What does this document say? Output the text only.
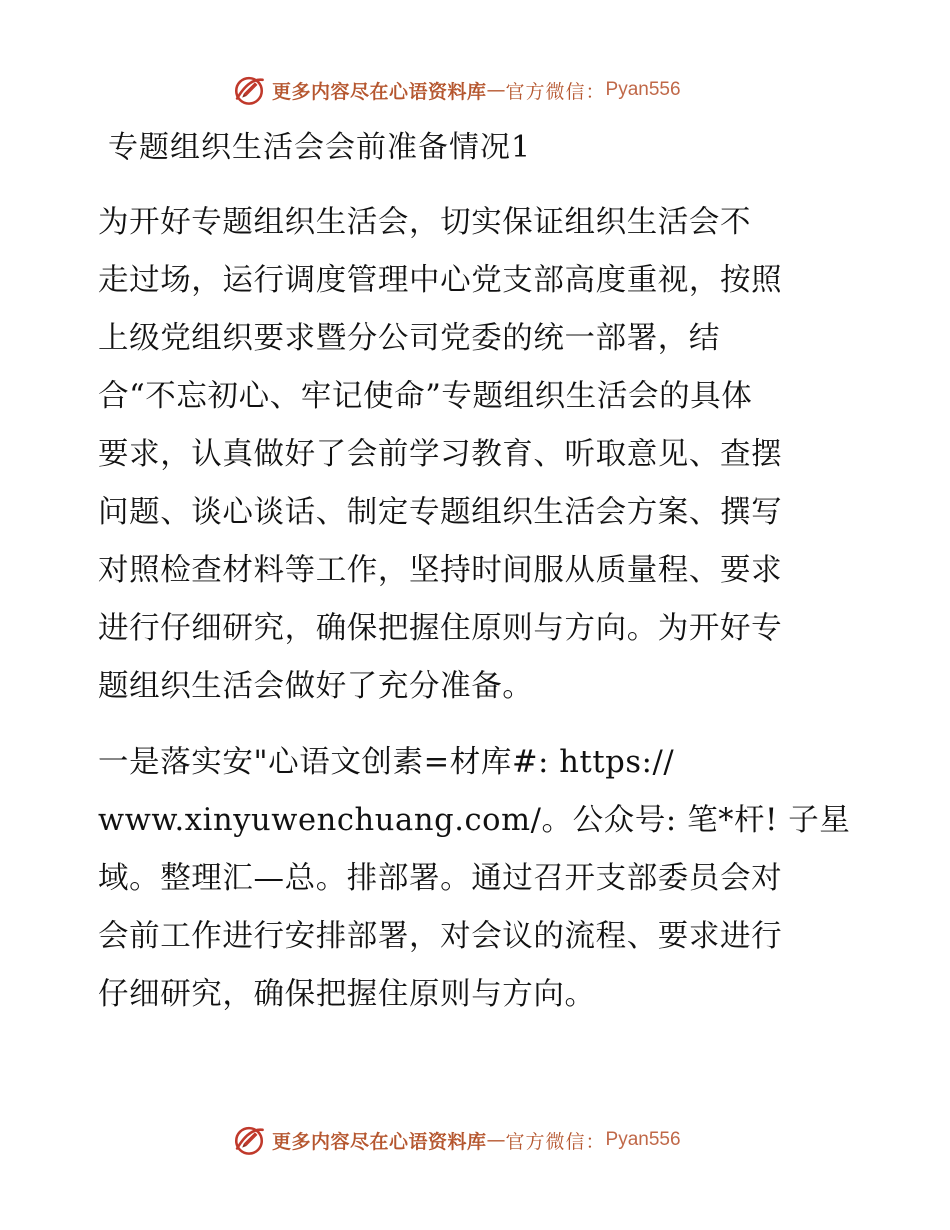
更多内容尽在心语资料库 — 官方微信： Pyan556
专题组织生活会会前准备情况1
为开好专题组织生活会，切实保证组织生活会不
走过场，运行调度管理中心党支部高度重视，按照
上级党组织要求暨分公司党委的统一部署，结
合“不忘初心、牢记使命”专题组织生活会的具体
要求，认真做好了会前学习教育、听取意见、查摆
问题、谈心谈话、制定专题组织生活会方案、撰写
对照检查材料等工作，坚持时间服从质量程、要求
进行仔细研究，确保把握住原则与方向。为开好专
题组织生活会做好了充分准备。
一是落实安"心语文创素=材库#: https://
www.xinyuwenchuang.com/。公众号: 笔*杆! 子星
域。整理汇—总。排部署。通过召开支部委员会对
会前工作进行安排部署，对会议的流程、要求进行
仔细研究，确保把握住原则与方向。
更多内容尽在心语资料库 — 官方微信： Pyan556
